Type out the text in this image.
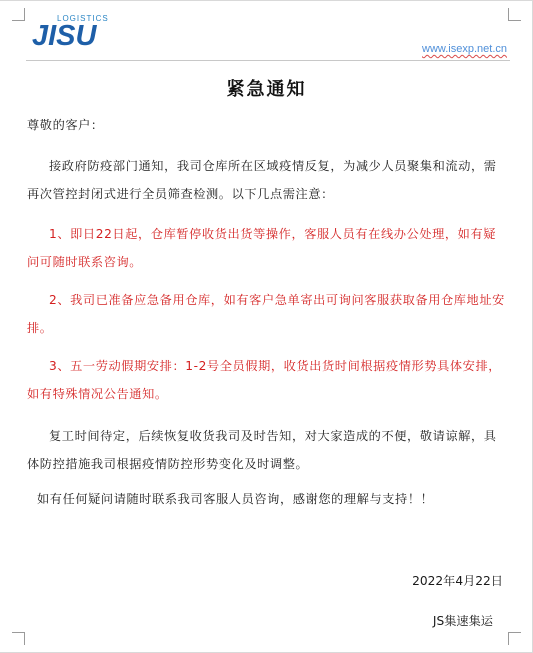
LOGISTICS
JISU	www.isexp.net.cn
紧急通知

尊敬的客户：

接政府防疫部门通知，我司仓库所在区域疫情反复，为减少人员聚集和流动，需再次管控封闭式进行全员筛查检测。以下几点需注意：

1、即日22日起，仓库暂停收货出货等操作，客服人员有在线办公处理，如有疑问可随时联系咨询。

2、我司已准备应急备用仓库，如有客户急单寄出可询问客服获取备用仓库地址安排。

3、五一劳动假期安排：1-2号全员假期，收货出货时间根据疫情形势具体安排，如有特殊情况公告通知。

复工时间待定，后续恢复收货我司及时告知，对大家造成的不便，敬请谅解，具体防控措施我司根据疫情防控形势变化及时调整。

如有任何疑问请随时联系我司客服人员咨询，感谢您的理解与支持！！

2022年4月22日
JS集速集运
